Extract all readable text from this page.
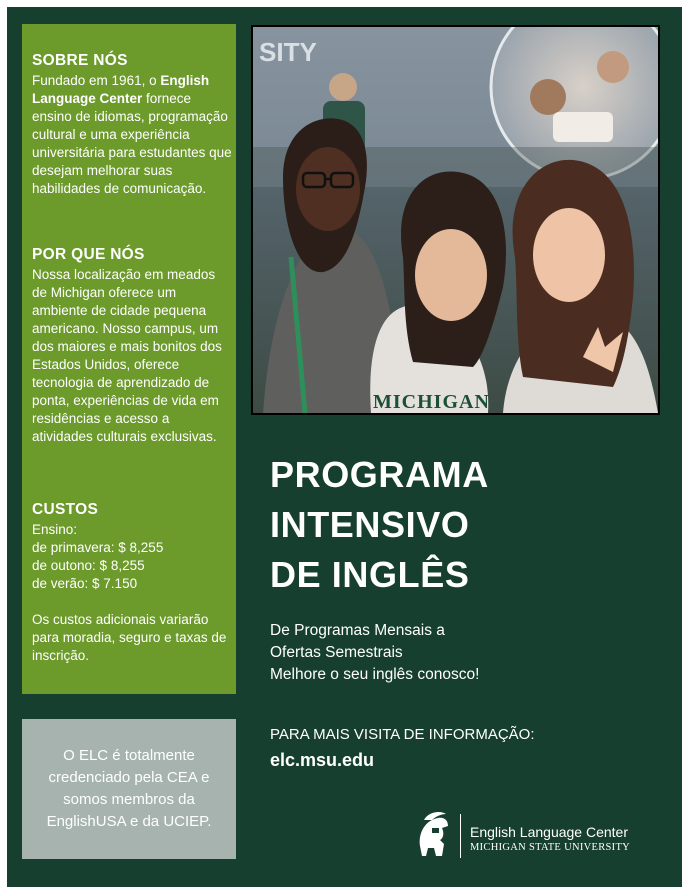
SOBRE NÓS

Fundado em 1961, o English Language Center fornece ensino de idiomas, programação cultural e uma experiência universitária para estudantes que desejam melhorar suas habilidades de comunicação.

POR QUE NÓS

Nossa localização em meados de Michigan oferece um ambiente de cidade pequena americano. Nosso campus, um dos maiores e mais bonitos dos Estados Unidos, oferece tecnologia de aprendizado de ponta, experiências de vida em residências e acesso a atividades culturais exclusivas.

CUSTOS

Ensino:

de primavera: $ 8,255

de outono: $ 8,255

de verão: $ 7.150

Os custos adicionais variarão para moradia, seguro e taxas de inscrição.

O ELC é totalmente credenciado pela CEA e somos membros da EnglishUSA e da UCIEP.
SITY
MICHIGAN
PROGRAMA
INTENSIVO
DE INGLÊS
De Programas Mensais a
Ofertas Semestrais
Melhore o seu inglês conosco!
PARA MAIS VISITA DE INFORMAÇÃO:
elc.msu.edu
English Language Center
MICHIGAN STATE UNIVERSITY
